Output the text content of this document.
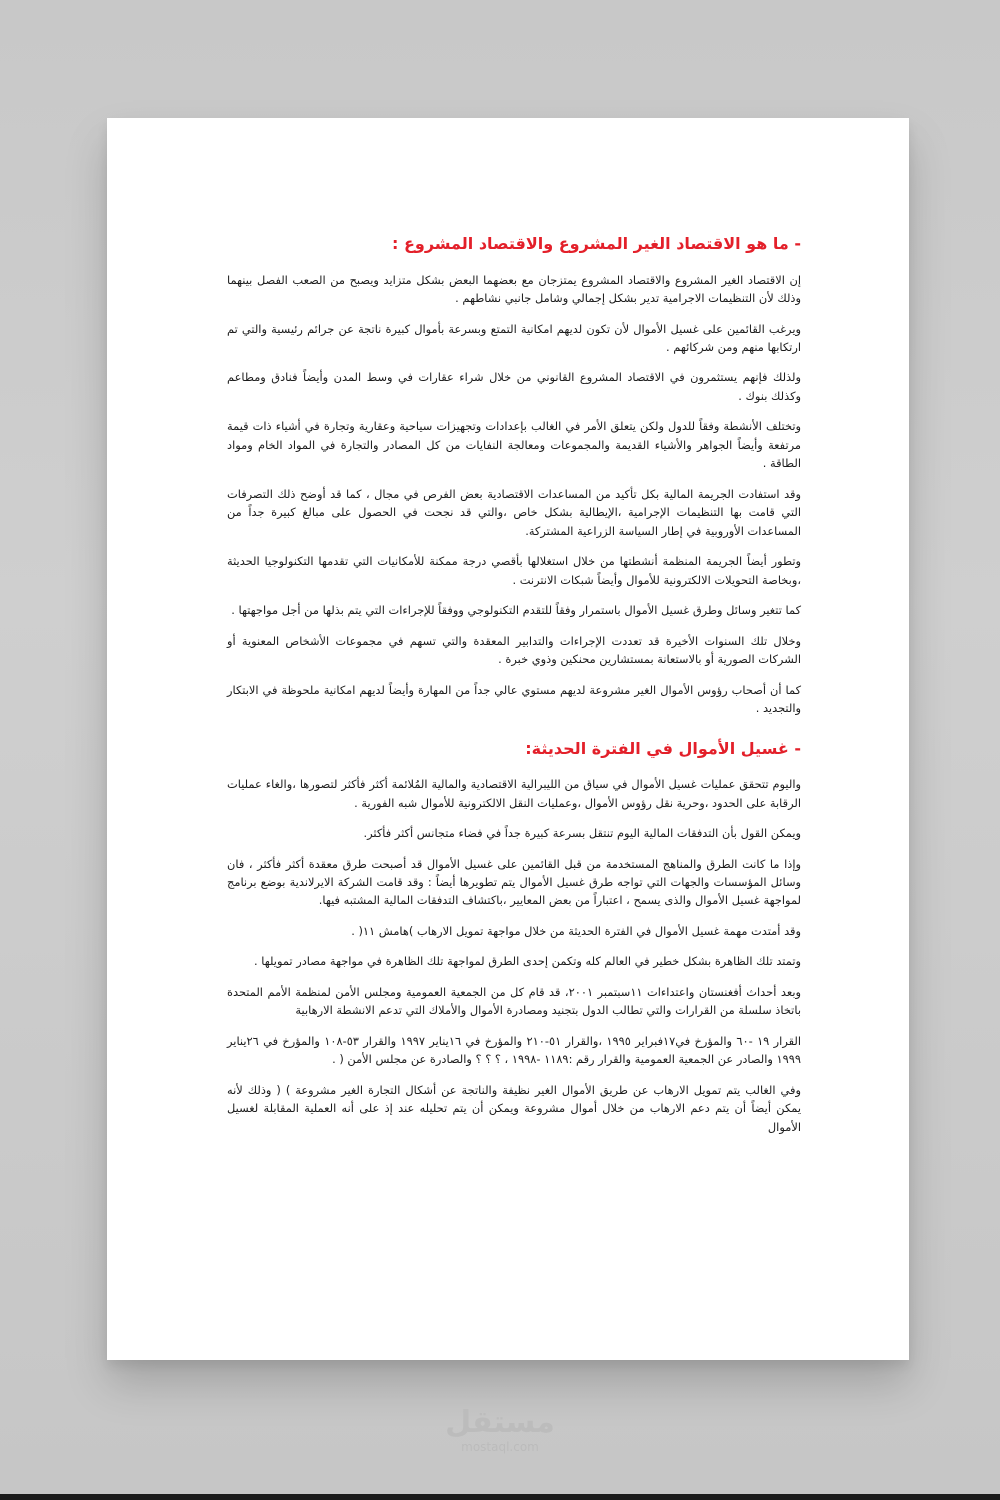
- ما هو الاقتصاد الغير المشروع والاقتصاد المشروع :

إن الاقتصاد الغير المشروع والاقتصاد المشروع يمتزجان مع بعضهما البعض بشكل متزايد ويصبح من الصعب الفصل بينهما وذلك لأن التنظيمات الاجرامية تدير بشكل إجمالي وشامل جانبي نشاطهم .

ويرغب القائمين على غسيل الأموال لأن تكون لديهم امكانية التمتع وبسرعة بأموال كبيرة ناتجة عن جرائم رئيسية والتي تم ارتكابها منهم ومن شركائهم .

ولذلك فإنهم يستثمرون في الاقتصاد المشروع القانوني من خلال شراء عقارات في وسط المدن وأيضاً فنادق ومطاعم وكذلك بنوك .

وتختلف الأنشطة وفقاً للدول ولكن يتعلق الأمر في الغالب بإعدادات وتجهيزات سياحية وعقارية وتجارة في أشياء ذات قيمة مرتفعة وأيضاً الجواهر والأشياء القديمة والمجموعات ومعالجة النفايات من كل المصادر والتجارة في المواد الخام ومواد الطاقة .

وقد استفادت الجريمة المالية بكل تأكيد من المساعدات الاقتصادية بعض الفرص في مجال ، كما قد أوضح ذلك التصرفات التي قامت بها التنظيمات الإجرامية ،الإيطالية بشكل خاص ،والتي قد نجحت في الحصول على مبالغ كبيرة جداً من المساعدات الأوروبية في إطار السياسة الزراعية المشتركة.

وتطور أيضاً الجريمة المنظمة أنشطتها من خلال استغلالها بأقصي درجة ممكنة للأمكانيات التي تقدمها التكنولوجيا الحديثة ،وبخاصة التحويلات الالكترونية للأموال وأيضاً شبكات الانترنت .

كما تتغير وسائل وطرق غسيل الأموال باستمرار وفقاً للتقدم التكنولوجي ووفقاً للإجراءات التي يتم بذلها من أجل مواجهتها .

وخلال تلك السنوات الأخيرة قد تعددت الإجراءات والتدابير المعقدة والتي تسهم في مجموعات الأشخاص المعنوية أو الشركات الصورية أو بالاستعانة بمستشارين محنكين وذوي خبرة .

كما أن أصحاب رؤوس الأموال الغير مشروعة لديهم مستوي عالي جداً من المهارة وأيضاً لديهم امكانية ملحوظة في الابتكار والتجديد .

- غسيل الأموال في الفترة الحديثة:

واليوم تتحقق عمليات غسيل الأموال في سياق من الليبرالية الاقتصادية والمالية المُلائمة أكثر فأكثر لتصورها ،والغاء عمليات الرقابة على الحدود ،وحرية نقل رؤوس الأموال ،وعمليات النقل الالكترونية للأموال شبه الفورية .

ويمكن القول بأن التدفقات المالية اليوم تنتقل بسرعة كبيرة جداً في فضاء متجانس أكثر فأكثر.

وإذا ما كانت الطرق والمناهج المستخدمة من قبل القائمين على غسيل الأموال قد أصبحت طرق معقدة أكثر فأكثر ، فان وسائل المؤسسات والجهات التي تواجه طرق غسيل الأموال يتم تطويرها أيضاً : وقد قامت الشركة الايرلاندية بوضع برنامج لمواجهة غسيل الأموال والذى يسمح ، اعتباراً من بعض المعايير ،باكتشاف التدفقات المالية المشتبه فيها.

وقد أمتدت مهمة غسيل الأموال في الفترة الحديثة من خلال مواجهة تمويل الارهاب )هامش ١١( .

وتمتد تلك الظاهرة بشكل خطير في العالم كله وتكمن إحدى الطرق لمواجهة تلك الظاهرة في مواجهة مصادر تمويلها .

وبعد أحداث أفغنستان واعتداءات ١١سبتمبر ٢٠٠١، قد قام كل من الجمعية العمومية ومجلس الأمن لمنظمة الأمم المتحدة باتخاذ سلسلة من القرارات والتي تطالب الدول بتجنيد ومصادرة الأموال والأملاك التي تدعم الانشطة الارهابية

القرار ١٩ -٦٠ والمؤرخ في١٧فبراير ١٩٩٥ ،والقرار ٥١-٢١٠ والمؤرخ في ١٦يناير ١٩٩٧ والقرار ٥٣-١٠٨ والمؤرخ في ٢٦يناير ١٩٩٩ والصادر عن الجمعية العمومية والقرار رقم :١١٨٩ -١٩٩٨ ، ؟ ؟ ؟ والصادرة عن مجلس الأمن ( .

وفي الغالب يتم تمويل الارهاب عن طريق الأموال الغير نظيفة والناتجة عن أشكال التجارة الغير مشروعة ) ( وذلك لأنه يمكن أيضاً أن يتم دعم الارهاب من خلال أموال مشروعة ويمكن أن يتم تحليله عند إذ على أنه العملية المقابلة لغسيل الأموال

مستقل
mostaql.com
